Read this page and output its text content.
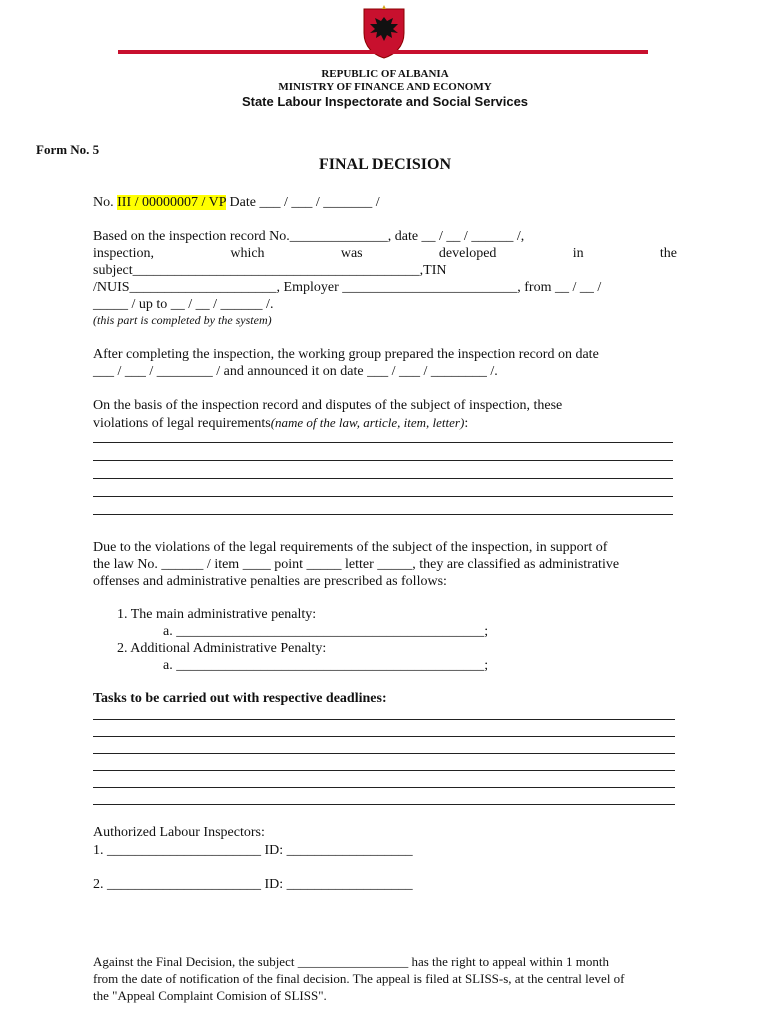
REPUBLIC OF ALBANIA
MINISTRY OF FINANCE AND ECONOMY
State Labour Inspectorate and Social Services
Form No. 5
FINAL DECISION
No. III / 00000007 / VP Date ___ / ___ / _______ /
Based on the inspection record No.______________, date __ / __ / ______ /,
inspection,	which	was	developed	in	the
subject_________________________________________,TIN
/NUIS_____________________, Employer _________________________, from __ / __ /
_____ / up to __ / __ / ______ /.
(this part is completed by the system)
After completing the inspection, the working group prepared the inspection record on date
___ / ___ / ________ / and announced it on date ___ / ___ / ________ /.
On the basis of the inspection record and disputes of the subject of inspection, these
violations of legal requirements(name of the law, article, item, letter):
Due to the violations of the legal requirements of the subject of the inspection, in support of
the law No. ______ / item ____ point _____ letter _____, they are classified as administrative
offenses and administrative penalties are prescribed as follows:
1. The main administrative penalty:
a. ____________________________________________;
2. Additional Administrative Penalty:
a. ____________________________________________;
Tasks to be carried out with respective deadlines:
Authorized Labour Inspectors:
1. ______________________ ID: __________________
2. ______________________ ID: __________________
Against the Final Decision, the subject _________________ has the right to appeal within 1 month
from the date of notification of the final decision. The appeal is filed at SLISS-s, at the central level of
the "Appeal Complaint Comision of SLISS".
